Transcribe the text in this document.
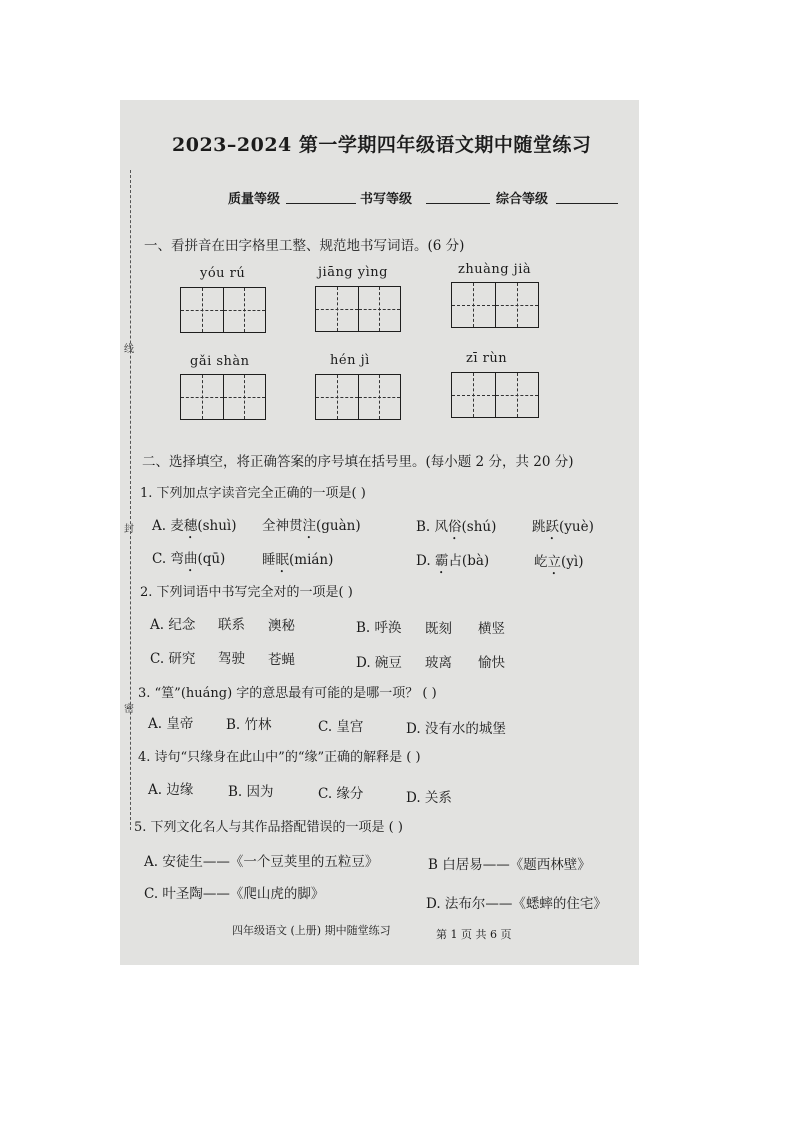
线
封
密
2023–2024 第一学期四年级语文期中随堂练习
质量等级	书写等级	综合等级
一、看拼音在田字格里工整、规范地书写词语。(6 分)
yóu rú	jiāng yìng	zhuàng jià
gǎi shàn	hén jì	zī rùn
二、选择填空，将正确答案的序号填在括号里。(每小题 2 分，共 20 分)
1. 下列加点字读音完全正确的一项是( )
A. 麦穗(shuì) 全神贯注(guàn)	B. 风俗(shú)	跳跃(yuè)
C. 弯曲(qū)	睡眠(mián)	D. 霸占(bà)	屹立(yì)
2. 下列词语中书写完全对的一项是( )
A. 纪念 联系 澳秘	B. 呼涣 既刻 横竖
C. 研究 驾驶 苍蝇	D. 碗豆 玻离 愉快
3. “篁”(huáng) 字的意思最有可能的是哪一项？ ( )
A. 皇帝 B. 竹林	C. 皇宫	D. 没有水的城堡
4. 诗句“只缘身在此山中”的“缘”正确的解释是 ( )
A. 边缘	B. 因为	C. 缘分	D. 关系
5. 下列文化名人与其作品搭配错误的一项是 ( )
A. 安徒生——《一个豆荚里的五粒豆》	B 白居易——《题西林壁》
C. 叶圣陶——《爬山虎的脚》
D. 法布尔——《蟋蟀的住宅》
四年级语文 (上册) 期中随堂练习	第 1 页 共 6 页
